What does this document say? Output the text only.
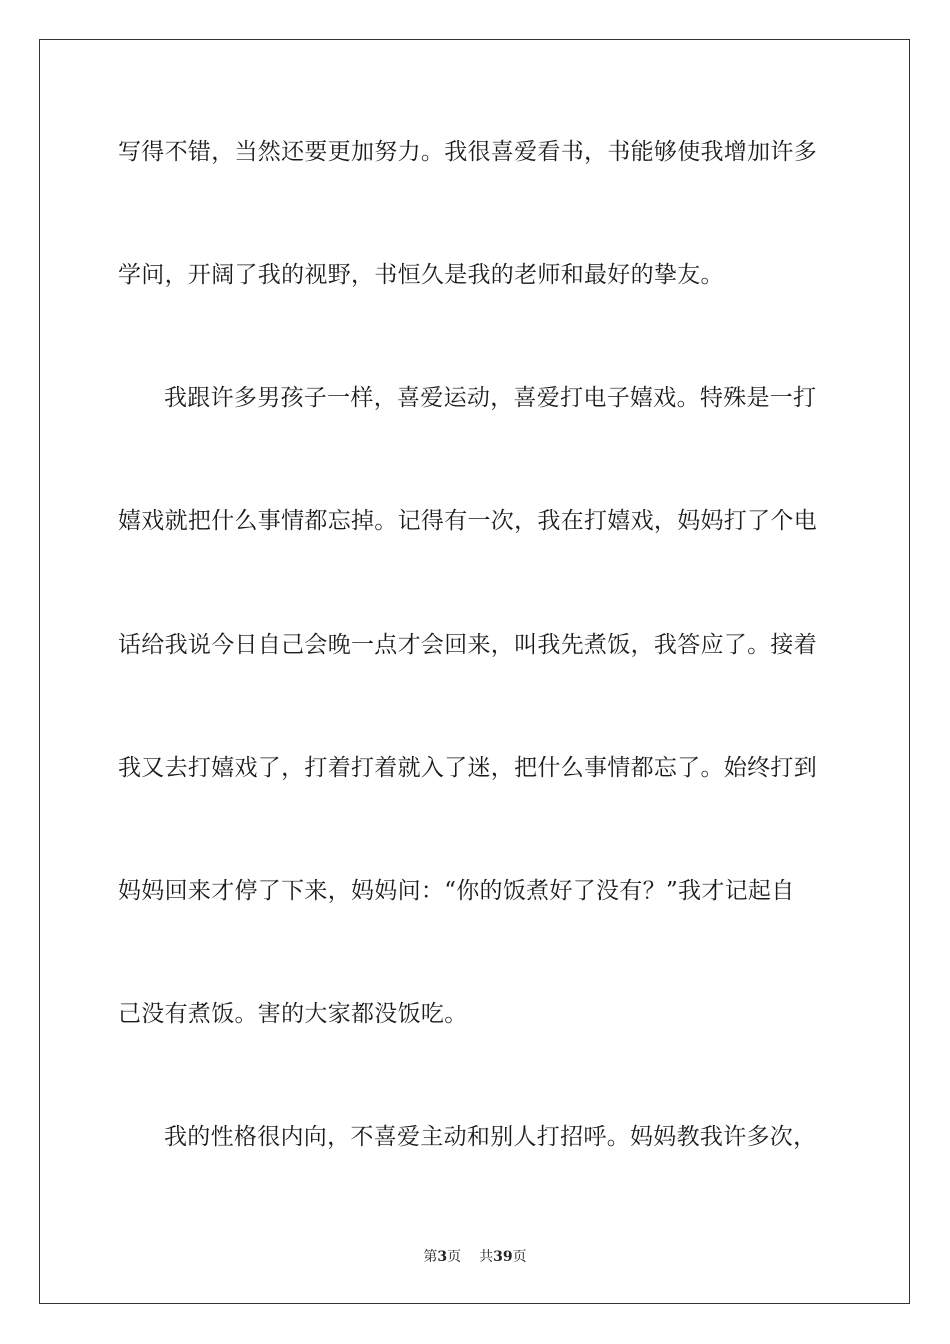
写得不错，当然还要更加努力。我很喜爱看书，书能够使我增加许多
学问，开阔了我的视野，书恒久是我的老师和最好的挚友。
我跟许多男孩子一样，喜爱运动，喜爱打电子嬉戏。特殊是一打
嬉戏就把什么事情都忘掉。记得有一次，我在打嬉戏，妈妈打了个电
话给我说今日自己会晚一点才会回来，叫我先煮饭，我答应了。接着
我又去打嬉戏了，打着打着就入了迷，把什么事情都忘了。始终打到
妈妈回来才停了下来，妈妈问：“你的饭煮好了没有？”我才记起自
己没有煮饭。害的大家都没饭吃。
我的性格很内向，不喜爱主动和别人打招呼。妈妈教我许多次，
第3页 共39页
